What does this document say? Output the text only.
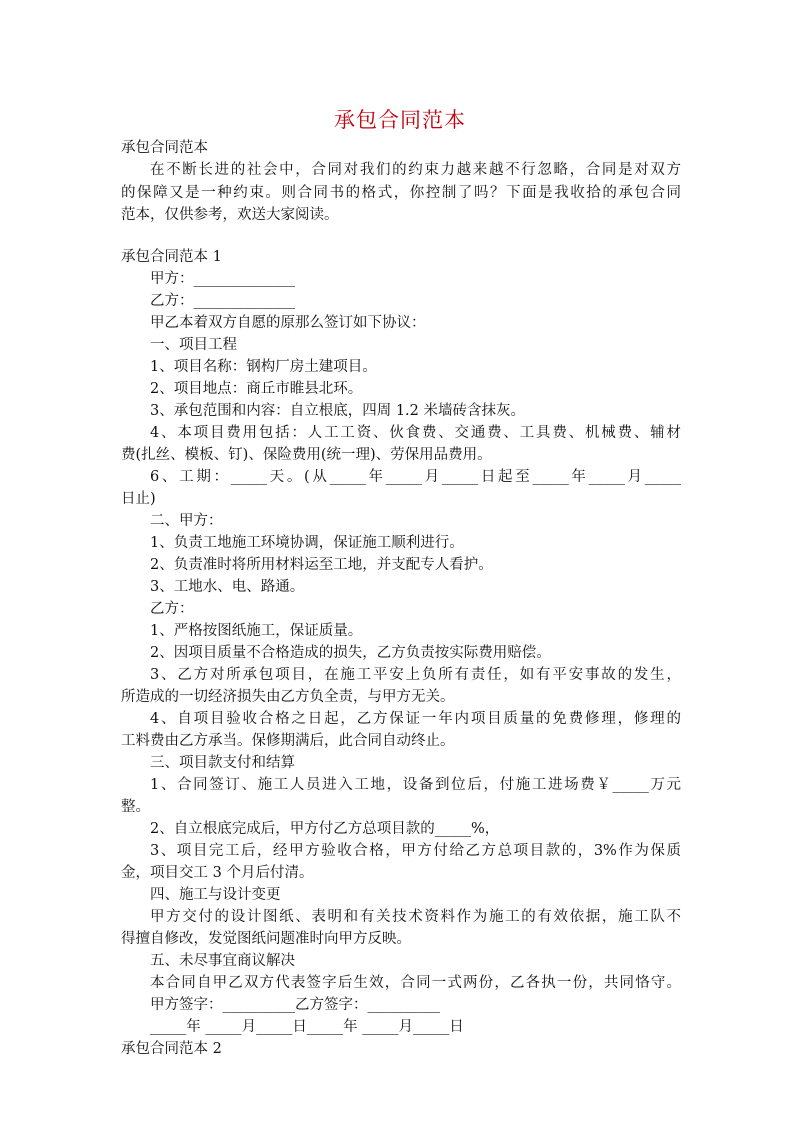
承包合同范本
承包合同范本
在不断长进的社会中，合同对我们的约束力越来越不行忽略，合同是对双方
的保障又是一种约束。则合同书的格式，你控制了吗？下面是我收拾的承包合同
范本，仅供参考，欢送大家阅读。
承包合同范本 1
甲方：______________
乙方：______________
甲乙本着双方自愿的原那么签订如下协议：
一、项目工程
1、项目名称：钢构厂房土建项目。
2、项目地点：商丘市睢县北环。
3、承包范围和内容：自立根底，四周 1.2 米墙砖含抹灰。
4、本项目费用包括：人工工资、伙食费、交通费、工具费、机械费、辅材
费(扎丝、模板、钉)、保险费用(统一理)、劳保用品费用。
6、工期：_____天。(从_____年_____月_____日起至_____年_____月_____
日止)
二、甲方：
1、负责工地施工环境协调，保证施工顺利进行。
2、负责准时将所用材料运至工地，并支配专人看护。
3、工地水、电、路通。
乙方：
1、严格按图纸施工，保证质量。
2、因项目质量不合格造成的损失，乙方负责按实际费用赔偿。
3、乙方对所承包项目，在施工平安上负所有责任，如有平安事故的发生，
所造成的一切经济损失由乙方负全责，与甲方无关。
4、自项目验收合格之日起，乙方保证一年内项目质量的免费修理，修理的
工料费由乙方承当。保修期满后，此合同自动终止。
三、项目款支付和结算
1、合同签订、施工人员进入工地，设备到位后，付施工进场费￥_____万元
整。
2、自立根底完成后，甲方付乙方总项目款的_____%，
3、项目完工后，经甲方验收合格，甲方付给乙方总项目款的，3%作为保质
金，项目交工 3 个月后付清。
四、施工与设计变更
甲方交付的设计图纸、表明和有关技术资料作为施工的有效依据，施工队不
得擅自修改，发觉图纸问题准时向甲方反映。
五、未尽事宜商议解决
本合同自甲乙双方代表签字后生效，合同一式两份，乙各执一份，共同恪守。
甲方签字：__________乙方签字：__________
_____年 _____月_____日_____年 _____月_____日
承包合同范本 2
